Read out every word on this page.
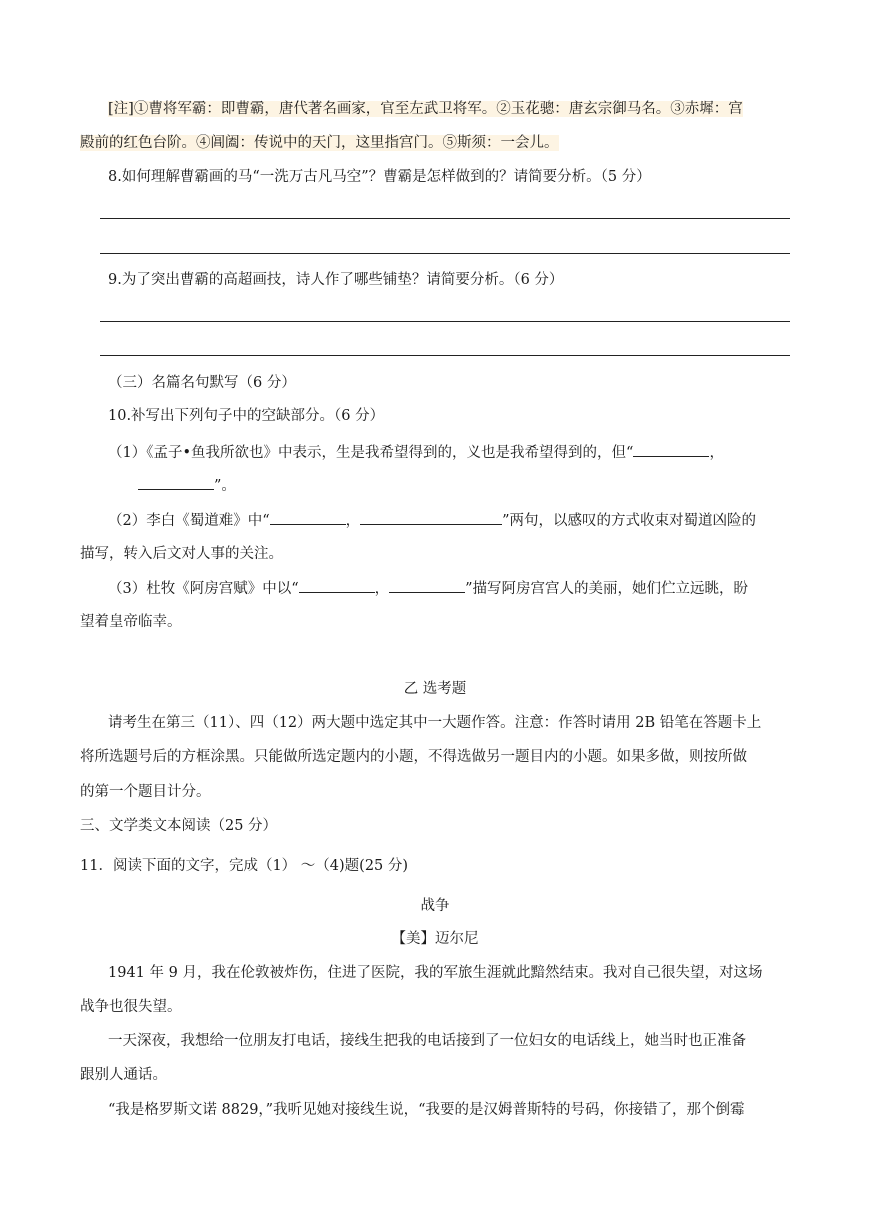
[注]①曹将军霸：即曹霸，唐代著名画家，官至左武卫将军。②玉花骢：唐玄宗御马名。③赤墀：宫
殿前的红色台阶。④阊阖：传说中的天门，这里指宫门。⑤斯须：一会儿。
8.如何理解曹霸画的马“一洗万古凡马空”？曹霸是怎样做到的？请简要分析。（5 分）
9.为了突出曹霸的高超画技，诗人作了哪些铺垫？请简要分析。（6 分）
（三）名篇名句默写（6 分）
10.补写出下列句子中的空缺部分。（6 分）
（1）《孟子•鱼我所欲也》中表示，生是我希望得到的，义也是我希望得到的，但“	，
”。
（2）李白《蜀道难》中“	，	”两句，以感叹的方式收束对蜀道凶险的
描写，转入后文对人事的关注。
（3）杜牧《阿房宫赋》中以“	，	”描写阿房宫宫人的美丽，她们伫立远眺，盼
望着皇帝临幸。
乙 选考题
请考生在第三（11）、四（12）两大题中选定其中一大题作答。注意：作答时请用 2B 铅笔在答题卡上
将所选题号后的方框涂黑。只能做所选定题内的小题，不得选做另一题目内的小题。如果多做，则按所做
的第一个题目计分。
三、文学类文本阅读（25 分）
11．阅读下面的文字，完成（1） ～（4)题(25 分)
战争
【美】迈尔尼
1941 年 9 月，我在伦敦被炸伤，住进了医院，我的军旅生涯就此黯然结束。我对自己很失望，对这场
战争也很失望。
一天深夜，我想给一位朋友打电话，接线生把我的电话接到了一位妇女的电话线上，她当时也正准备
跟别人通话。
“我是格罗斯文诺 8829，”我听见她对接线生说，“我要的是汉姆普斯特的号码，你接错了，那个倒霉
